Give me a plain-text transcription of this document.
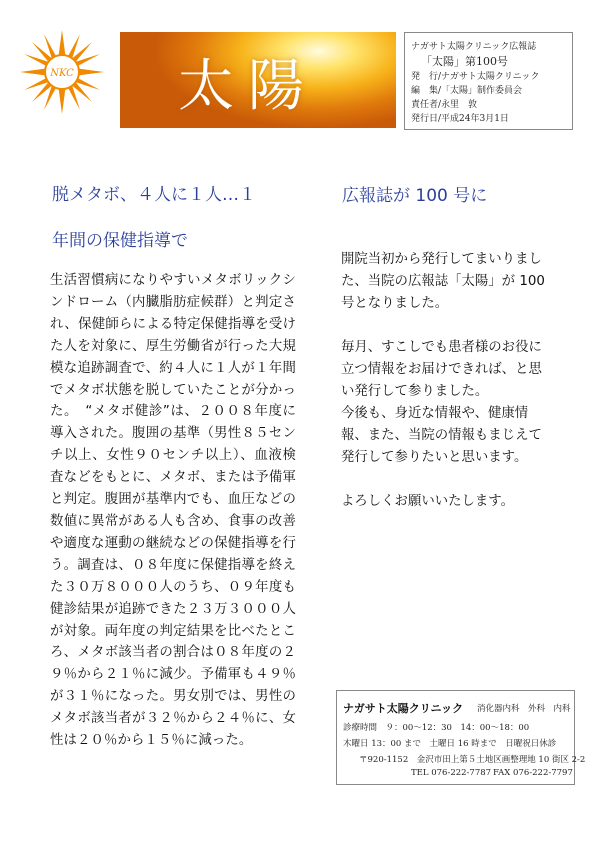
NKC 太陽
ナガサト太陽クリニック広報誌
「太陽」第100号
発　行/ナガサト太陽クリニック
編　集/「太陽」制作委員会
責任者/永里　敦
発行日/平成24年3月1日
脱メタボ、４人に１人…１
年間の保健指導で
生活習慣病になりやすいメタボリックシンドローム（内臓脂肪症候群）と判定され、保健師らによる特定保健指導を受けた人を対象に、厚生労働省が行った大規模な追跡調査で、約４人に１人が１年間でメタボ状態を脱していたことが分かった。　“メタボ健診”は、２００８年度に導入された。腹囲の基準（男性８５センチ以上、女性９０センチ以上）、血液検査などをもとに、メタボ、または予備軍と判定。腹囲が基準内でも、血圧などの数値に異常がある人も含め、食事の改善や適度な運動の継続などの保健指導を行う。調査は、０８年度に保健指導を終えた３０万８０００人のうち、０９年度も健診結果が追跡できた２３万３０００人が対象。両年度の判定結果を比べたところ、メタボ該当者の割合は０８年度の２９％から２１％に減少。予備軍も４９％が３１％になった。男女別では、男性のメタボ該当者が３２％から２４％に、女性は２０％から１５％に減った。
広報誌が 100 号に

開院当初から発行してまいりました、当院の広報誌「太陽」が 100 号となりました。

毎月、すこしでも患者様のお役に立つ情報をお届けできれば、と思い発行して参りました。

今後も、身近な情報や、健康情報、また、当院の情報もまじえて発行して参りたいと思います。

よろしくお願いいたします。

ナガサト太陽クリニック 消化器内科　外科　内科
診療時間　９：00〜12：30　14：00〜18：00
木曜日 13：00 まで　土曜日 16 時まで　日曜祝日休診
〒920-1152　金沢市田上第５土地区画整理地 10 街区 2-2
TEL 076-222-7787 FAX 076-222-7797
